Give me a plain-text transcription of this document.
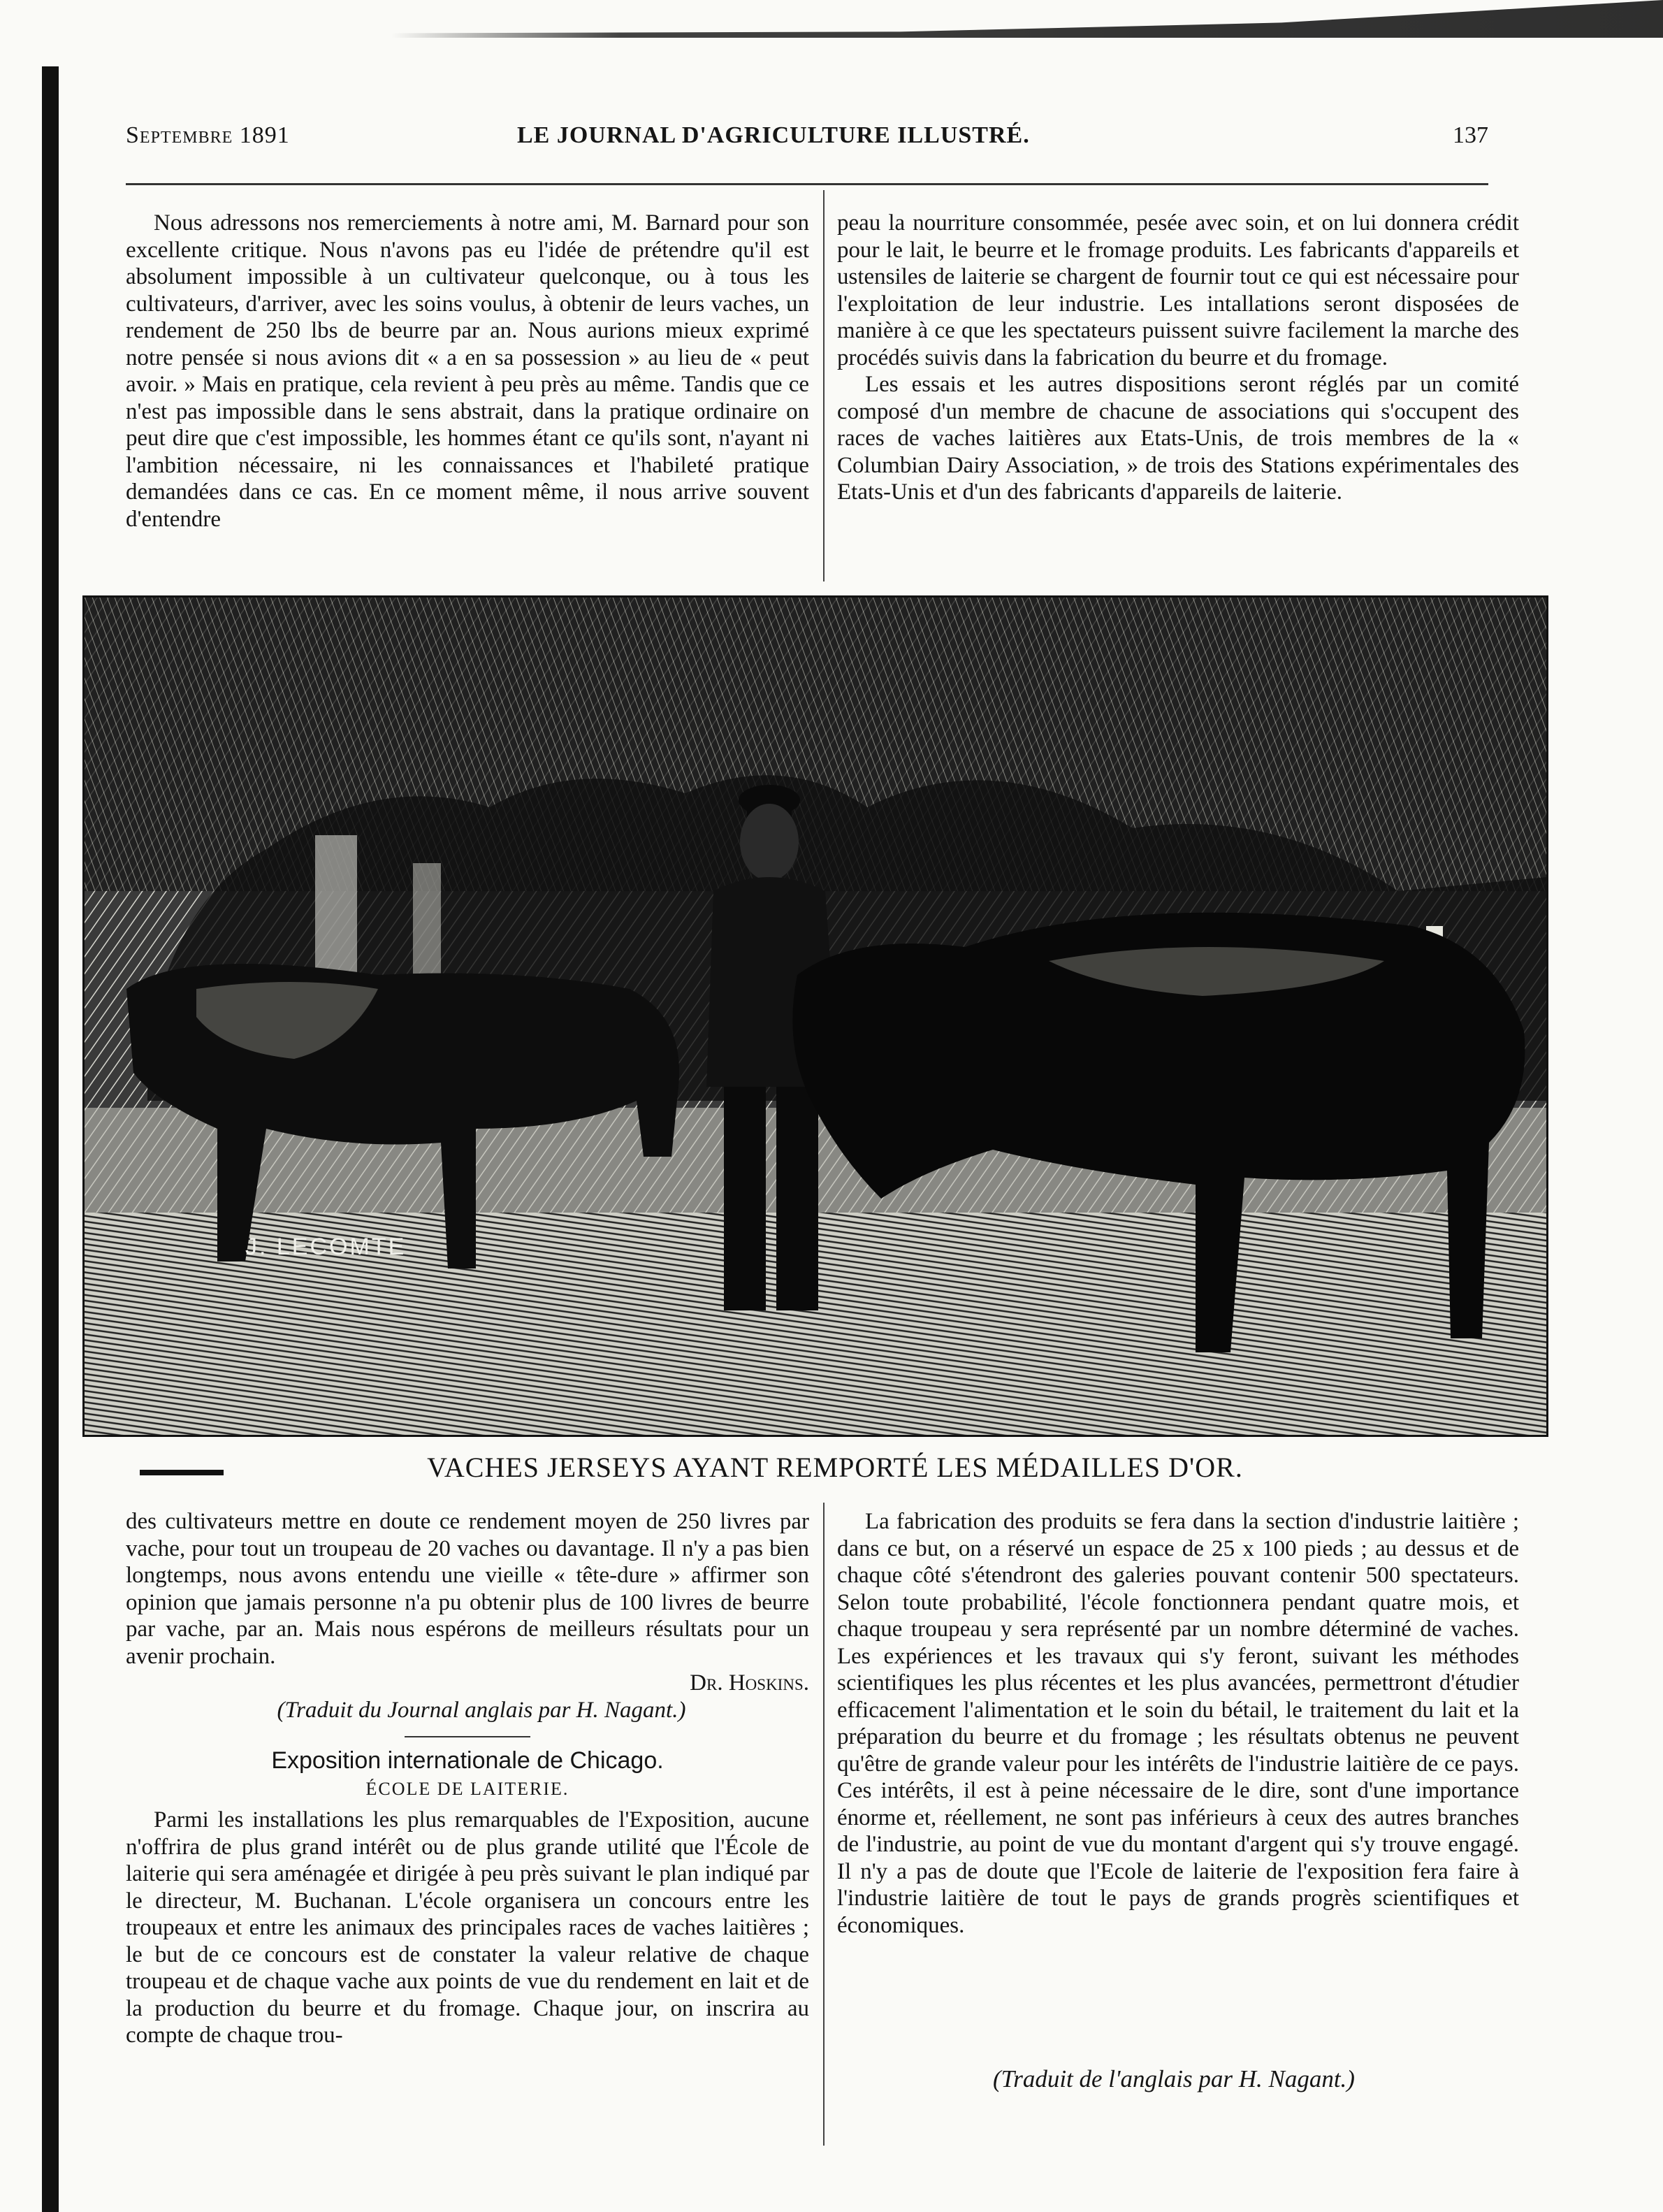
Septembre 1891	LE JOURNAL D'AGRICULTURE ILLUSTRÉ.	137

Nous adressons nos remerciements à notre ami, M. Barnard pour son excellente critique. Nous n'avons pas eu l'idée de prétendre qu'il est absolument impossible à un cultivateur quelconque, ou à tous les cultivateurs, d'arriver, avec les soins voulus, à obtenir de leurs vaches, un rendement de 250 lbs de beurre par an. Nous aurions mieux exprimé notre pensée si nous avions dit « a en sa possession » au lieu de « peut avoir. » Mais en pratique, cela revient à peu près au même. Tandis que ce n'est pas impossible dans le sens abstrait, dans la pratique ordinaire on peut dire que c'est impossible, les hommes étant ce qu'ils sont, n'ayant ni l'ambition nécessaire, ni les connaissances et l'habileté pratique demandées dans ce cas. En ce moment même, il nous arrive souvent d'entendre

peau la nourriture consommée, pesée avec soin, et on lui donnera crédit pour le lait, le beurre et le fromage produits. Les fabricants d'appareils et ustensiles de laiterie se chargent de fournir tout ce qui est nécessaire pour l'exploitation de leur industrie. Les intallations seront disposées de manière à ce que les spectateurs puissent suivre facilement la marche des procédés suivis dans la fabrication du beurre et du fromage.

Les essais et les autres dispositions seront réglés par un comité composé d'un membre de chacune de associations qui s'occupent des races de vaches laitières aux Etats-Unis, de trois membres de la « Columbian Dairy Association, » de trois des Stations expérimentales des Etats-Unis et d'un des fabricants d'appareils de laiterie.

J. LECOMTE
VACHES JERSEYS AYANT REMPORTÉ LES MÉDAILLES D'OR.

des cultivateurs mettre en doute ce rendement moyen de 250 livres par vache, pour tout un troupeau de 20 vaches ou davantage. Il n'y a pas bien longtemps, nous avons entendu une vieille « tête-dure » affirmer son opinion que jamais personne n'a pu obtenir plus de 100 livres de beurre par vache, par an. Mais nous espérons de meilleurs résultats pour un avenir prochain.

Dr. Hoskins.

(Traduit du Journal anglais par H. Nagant.)

Exposition internationale de Chicago.
ÉCOLE DE LAITERIE.

Parmi les installations les plus remarquables de l'Exposition, aucune n'offrira de plus grand intérêt ou de plus grande utilité que l'École de laiterie qui sera aménagée et dirigée à peu près suivant le plan indiqué par le directeur, M. Buchanan. L'école organisera un concours entre les troupeaux et entre les animaux des principales races de vaches laitières ; le but de ce concours est de constater la valeur relative de chaque troupeau et de chaque vache aux points de vue du rendement en lait et de la production du beurre et du fromage. Chaque jour, on inscrira au compte de chaque trou-

La fabrication des produits se fera dans la section d'industrie laitière ; dans ce but, on a réservé un espace de 25 x 100 pieds ; au dessus et de chaque côté s'étendront des galeries pouvant contenir 500 spectateurs. Selon toute probabilité, l'école fonctionnera pendant quatre mois, et chaque troupeau y sera représenté par un nombre déterminé de vaches. Les expériences et les travaux qui s'y feront, suivant les méthodes scientifiques les plus récentes et les plus avancées, permettront d'étudier efficacement l'alimentation et le soin du bétail, le traitement du lait et la préparation du beurre et du fromage ; les résultats obtenus ne peuvent qu'être de grande valeur pour les intérêts de l'industrie laitière de ce pays. Ces intérêts, il est à peine nécessaire de le dire, sont d'une importance énorme et, réellement, ne sont pas inférieurs à ceux des autres branches de l'industrie, au point de vue du montant d'argent qui s'y trouve engagé. Il n'y a pas de doute que l'Ecole de laiterie de l'exposition fera faire à l'industrie laitière de tout le pays de grands progrès scientifiques et économiques.

(Traduit de l'anglais par H. Nagant.)
